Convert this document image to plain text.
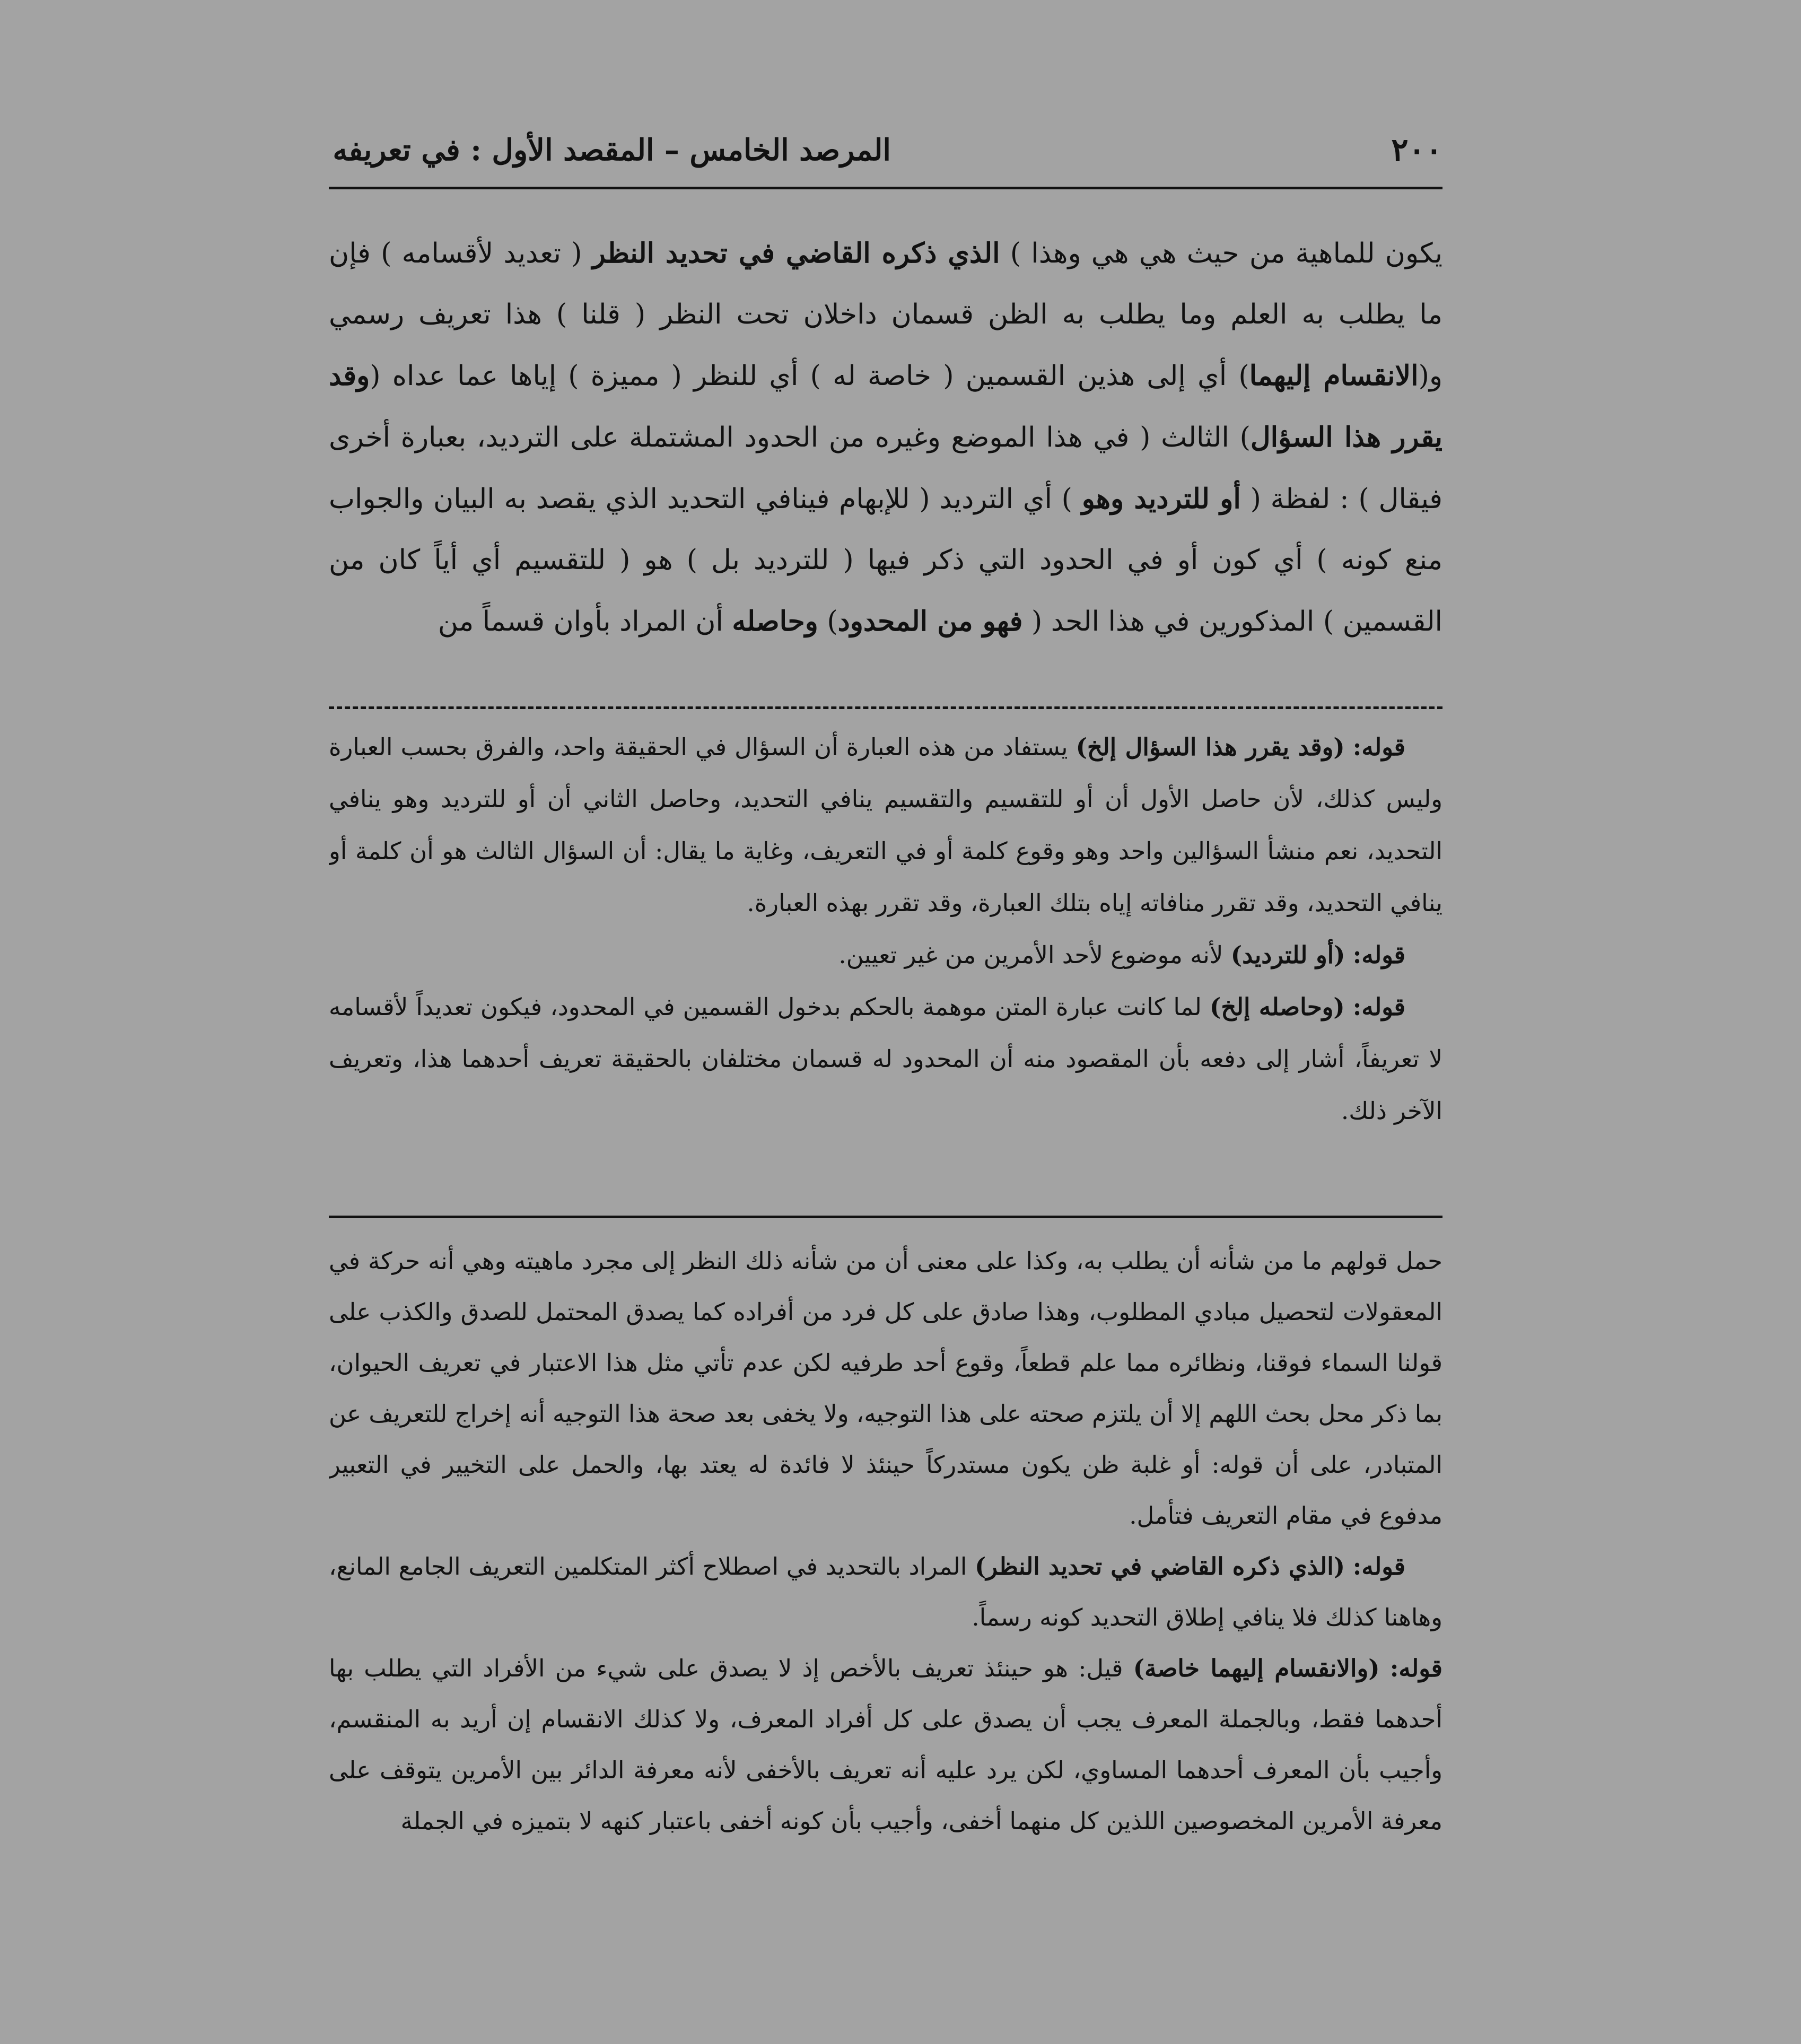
٢٠٠
المرصد الخامس – المقصد الأول : في تعريفه

يكون للماهية من حيث هي هي وهذا ) الذي ذكره القاضي في تحديد النظر ( تعديد لأقسامه ) فإن ما يطلب به العلم وما يطلب به الظن قسمان داخلان تحت النظر ( قلنا ) هذا تعريف رسمي و(الانقسام إليهما) أي إلى هذين القسمين ( خاصة له ) أي للنظر ( مميزة ) إياها عما عداه (وقد يقرر هذا السؤال) الثالث ( في هذا الموضع وغيره من الحدود المشتملة على الترديد، بعبارة أخرى فيقال ) : لفظة ( أو للترديد وهو ) أي الترديد ( للإبهام فينافي التحديد الذي يقصد به البيان والجواب منع كونه ) أي كون أو في الحدود التي ذكر فيها ( للترديد بل ) هو ( للتقسيم أي أياً كان من القسمين ) المذكورين في هذا الحد ( فهو من المحدود) وحاصله أن المراد بأوان قسماً من

قوله: (وقد يقرر هذا السؤال إلخ) يستفاد من هذه العبارة أن السؤال في الحقيقة واحد، والفرق بحسب العبارة وليس كذلك، لأن حاصل الأول أن أو للتقسيم والتقسيم ينافي التحديد، وحاصل الثاني أن أو للترديد وهو ينافي التحديد، نعم منشأ السؤالين واحد وهو وقوع كلمة أو في التعريف، وغاية ما يقال: أن السؤال الثالث هو أن كلمة أو ينافي التحديد، وقد تقرر منافاته إياه بتلك العبارة، وقد تقرر بهذه العبارة.

قوله: (أو للترديد) لأنه موضوع لأحد الأمرين من غير تعيين.

قوله: (وحاصله إلخ) لما كانت عبارة المتن موهمة بالحكم بدخول القسمين في المحدود، فيكون تعديداً لأقسامه لا تعريفاً، أشار إلى دفعه بأن المقصود منه أن المحدود له قسمان مختلفان بالحقيقة تعريف أحدهما هذا، وتعريف الآخر ذلك.

حمل قولهم ما من شأنه أن يطلب به، وكذا على معنى أن من شأنه ذلك النظر إلى مجرد ماهيته وهي أنه حركة في المعقولات لتحصيل مبادي المطلوب، وهذا صادق على كل فرد من أفراده كما يصدق المحتمل للصدق والكذب على قولنا السماء فوقنا، ونظائره مما علم قطعاً، وقوع أحد طرفيه لكن عدم تأتي مثل هذا الاعتبار في تعريف الحيوان، بما ذكر محل بحث اللهم إلا أن يلتزم صحته على هذا التوجيه، ولا يخفى بعد صحة هذا التوجيه أنه إخراج للتعريف عن المتبادر، على أن قوله: أو غلبة ظن يكون مستدركاً حينئذ لا فائدة له يعتد بها، والحمل على التخيير في التعبير مدفوع في مقام التعريف فتأمل.

قوله: (الذي ذكره القاضي في تحديد النظر) المراد بالتحديد في اصطلاح أكثر المتكلمين التعريف الجامع المانع، وهاهنا كذلك فلا ينافي إطلاق التحديد كونه رسماً.

قوله: (والانقسام إليهما خاصة) قيل: هو حينئذ تعريف بالأخص إذ لا يصدق على شيء من الأفراد التي يطلب بها أحدهما فقط، وبالجملة المعرف يجب أن يصدق على كل أفراد المعرف، ولا كذلك الانقسام إن أريد به المنقسم، وأجيب بأن المعرف أحدهما المساوي، لكن يرد عليه أنه تعريف بالأخفى لأنه معرفة الدائر بين الأمرين يتوقف على معرفة الأمرين المخصوصين اللذين كل منهما أخفى، وأجيب بأن كونه أخفى باعتبار كنهه لا بتميزه في الجملة
